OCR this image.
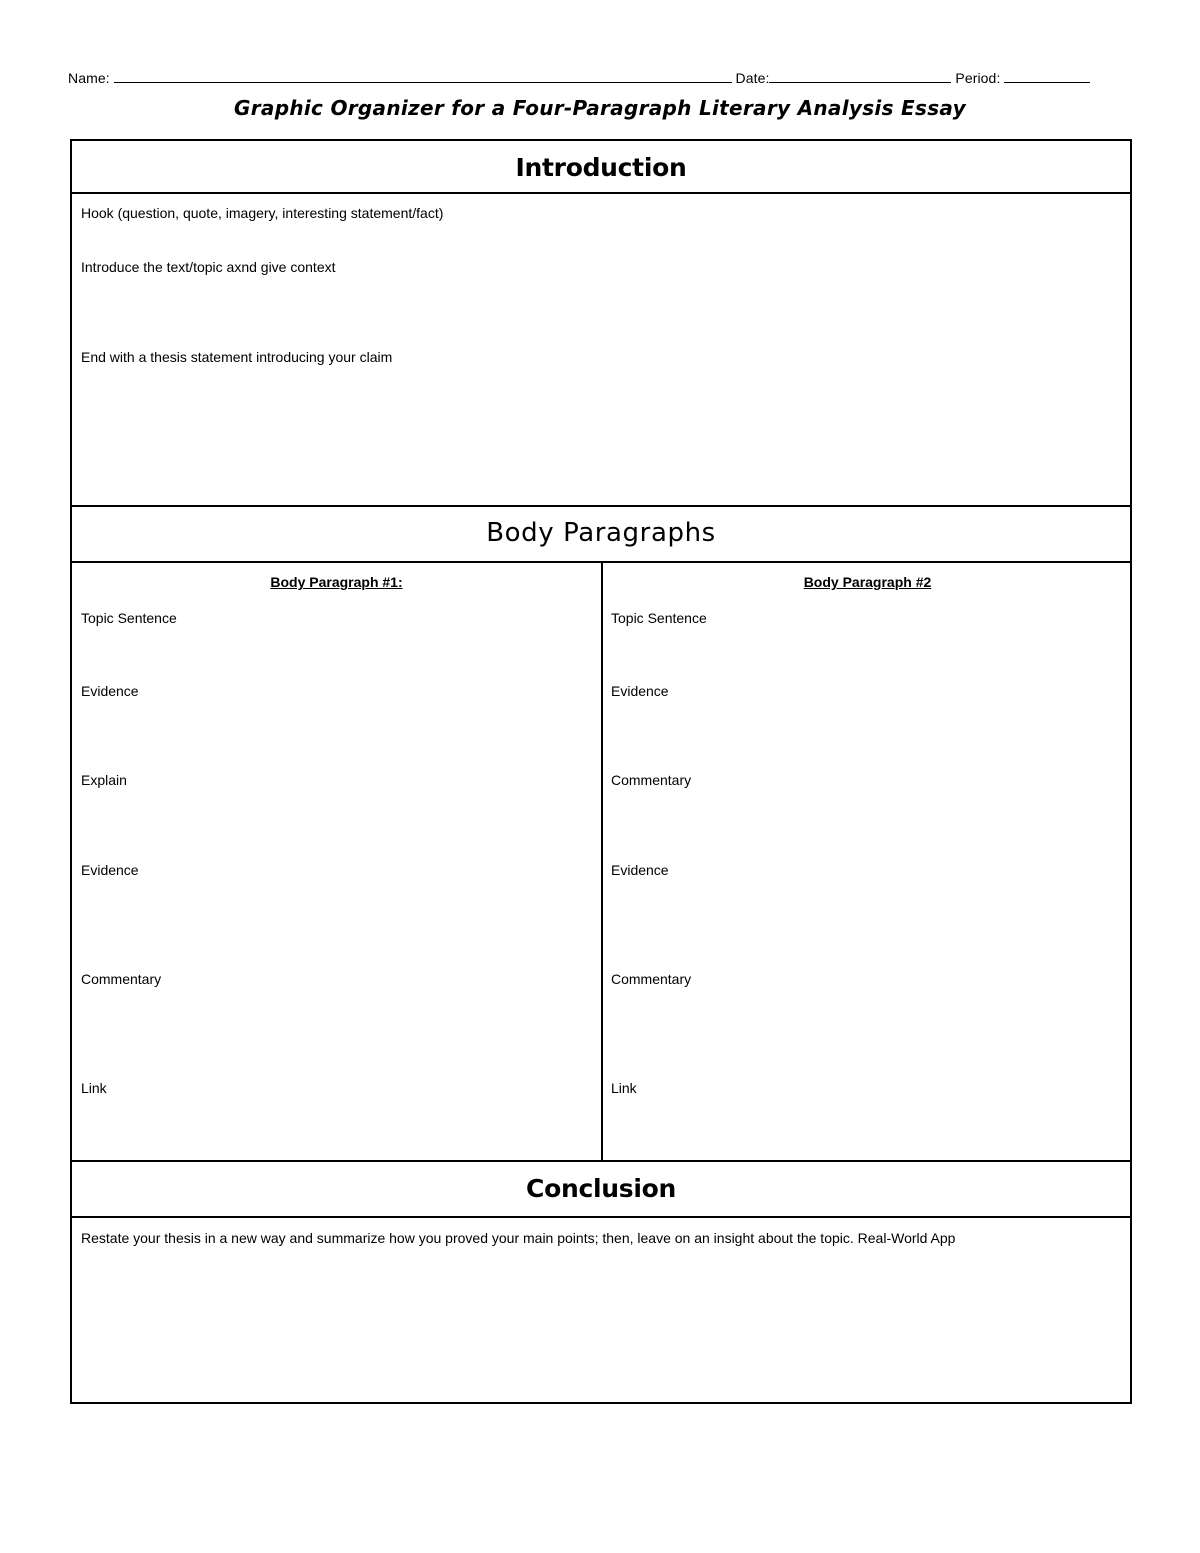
Name:	Date:	Period:
Graphic Organizer for a Four-Paragraph Literary Analysis Essay
Introduction
Hook (question, quote, imagery, interesting statement/fact)
Introduce the text/topic axnd give context
End with a thesis statement introducing your claim
Body Paragraphs
Body Paragraph #1:	Body Paragraph #2
Topic Sentence
Evidence
Explain
Evidence
Commentary
Link
Topic Sentence
Evidence
Commentary
Evidence
Commentary
Link
Conclusion
Restate your thesis in a new way and summarize how you proved your main points; then, leave on an insight about the topic. Real-World App
